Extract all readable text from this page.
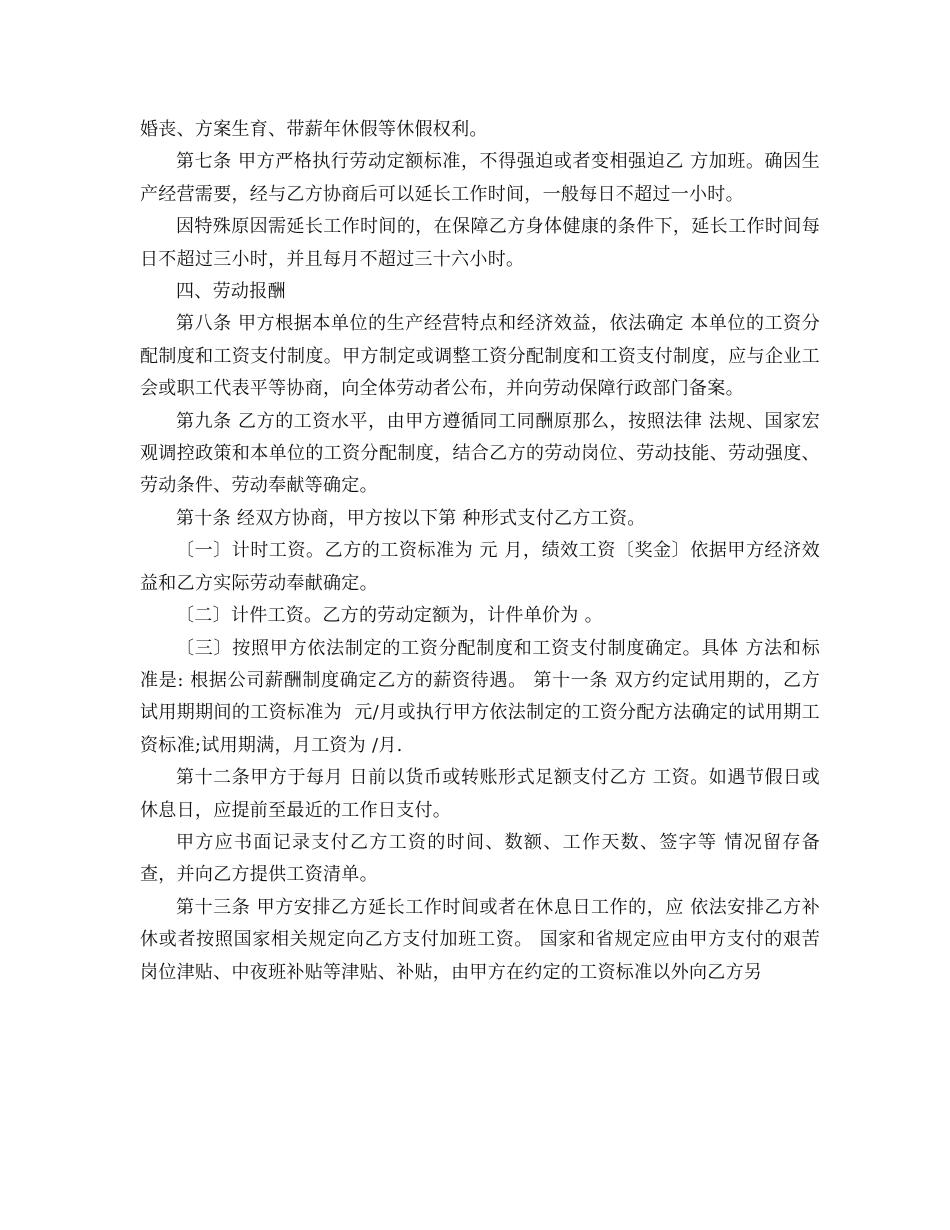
婚丧、方案生育、带薪年休假等休假权利。

第七条 甲方严格执行劳动定额标准，不得强迫或者变相强迫乙 方加班。确因生产经营需要，经与乙方协商后可以延长工作时间，一般每日不超过一小时。

因特殊原因需延长工作时间的，在保障乙方身体健康的条件下，延长工作时间每日不超过三小时，并且每月不超过三十六小时。

四、劳动报酬

第八条 甲方根据本单位的生产经营特点和经济效益，依法确定 本单位的工资分配制度和工资支付制度。甲方制定或调整工资分配制度和工资支付制度，应与企业工会或职工代表平等协商，向全体劳动者公布，并向劳动保障行政部门备案。

第九条 乙方的工资水平，由甲方遵循同工同酬原那么，按照法律 法规、国家宏观调控政策和本单位的工资分配制度，结合乙方的劳动岗位、劳动技能、劳动强度、劳动条件、劳动奉献等确定。

第十条 经双方协商，甲方按以下第 种形式支付乙方工资。

〔一〕计时工资。乙方的工资标准为 元 月，绩效工资〔奖金〕依据甲方经济效益和乙方实际劳动奉献确定。

〔二〕计件工资。乙方的劳动定额为，计件单价为 。

〔三〕按照甲方依法制定的工资分配制度和工资支付制度确定。具体 方法和标准是: 根据公司薪酬制度确定乙方的薪资待遇。 第十一条 双方约定试用期的，乙方试用期期间的工资标准为  元/月或执行甲方依法制定的工资分配方法确定的试用期工资标准;试用期满，月工资为 /月.

第十二条甲方于每月 日前以货币或转账形式足额支付乙方 工资。如遇节假日或休息日，应提前至最近的工作日支付。

甲方应书面记录支付乙方工资的时间、数额、工作天数、签字等 情况留存备查，并向乙方提供工资清单。

第十三条 甲方安排乙方延长工作时间或者在休息日工作的，应 依法安排乙方补休或者按照国家相关规定向乙方支付加班工资。 国家和省规定应由甲方支付的艰苦岗位津贴、中夜班补贴等津贴、补贴，由甲方在约定的工资标准以外向乙方另
